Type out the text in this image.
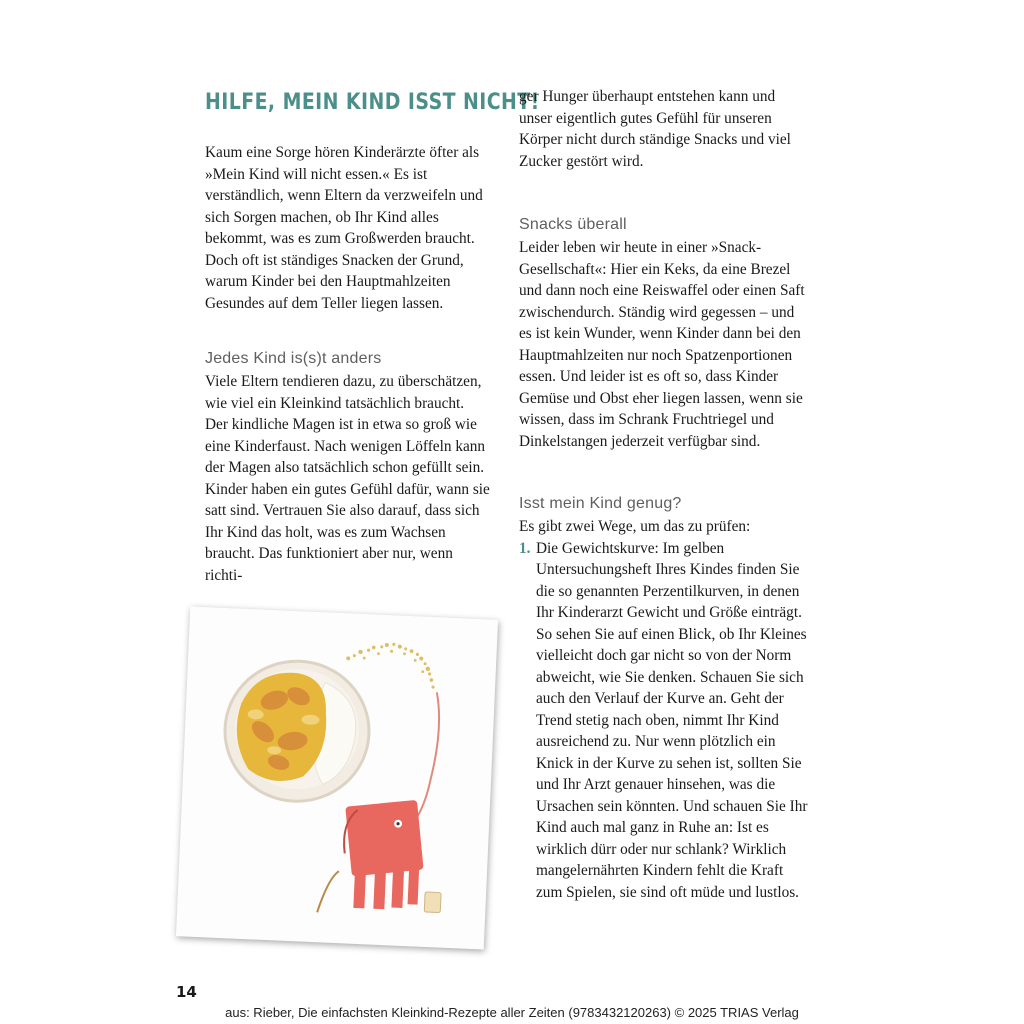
HILFE, MEIN KIND ISST NICHT!

Kaum eine Sorge hören Kinderärzte öfter als »Mein Kind will nicht essen.« Es ist verständlich, wenn Eltern da verzweifeln und sich Sorgen machen, ob Ihr Kind alles bekommt, was es zum Großwerden braucht. Doch oft ist ständiges Snacken der Grund, warum Kinder bei den Hauptmahlzeiten Gesundes auf dem Teller liegen lassen.

Jedes Kind is(s)t anders

Viele Eltern tendieren dazu, zu überschätzen, wie viel ein Kleinkind tatsächlich braucht. Der kindliche Magen ist in etwa so groß wie eine Kinderfaust. Nach wenigen Löffeln kann der Magen also tatsächlich schon gefüllt sein. Kinder haben ein gutes Gefühl dafür, wann sie satt sind. Vertrauen Sie also darauf, dass sich Ihr Kind das holt, was es zum Wachsen braucht. Das funktioniert aber nur, wenn richti-

ger Hunger überhaupt entstehen kann und unser eigentlich gutes Gefühl für unseren Körper nicht durch ständige Snacks und viel Zucker gestört wird.

Snacks überall

Leider leben wir heute in einer »Snack-Gesellschaft«: Hier ein Keks, da eine Brezel und dann noch eine Reiswaffel oder einen Saft zwischendurch. Ständig wird gegessen – und es ist kein Wunder, wenn Kinder dann bei den Hauptmahlzeiten nur noch Spatzenportionen essen. Und leider ist es oft so, dass Kinder Gemüse und Obst eher liegen lassen, wenn sie wissen, dass im Schrank Fruchtriegel und Dinkelstangen jederzeit verfügbar sind.

Isst mein Kind genug?

Es gibt zwei Wege, um das zu prüfen:

1. Die Gewichtskurve: Im gelben Untersuchungsheft Ihres Kindes finden Sie die so genannten Perzentilkurven, in denen Ihr Kinderarzt Gewicht und Größe einträgt. So sehen Sie auf einen Blick, ob Ihr Kleines vielleicht doch gar nicht so von der Norm abweicht, wie Sie denken. Schauen Sie sich auch den Verlauf der Kurve an. Geht der Trend stetig nach oben, nimmt Ihr Kind ausreichend zu. Nur wenn plötzlich ein Knick in der Kurve zu sehen ist, sollten Sie und Ihr Arzt genauer hinsehen, was die Ursachen sein könnten. Und schauen Sie Ihr Kind auch mal ganz in Ruhe an: Ist es wirklich dürr oder nur schlank? Wirklich mangelernährten Kindern fehlt die Kraft zum Spielen, sie sind oft müde und lustlos.
14
aus: Rieber, Die einfachsten Kleinkind-Rezepte aller Zeiten (9783432120263) © 2025 TRIAS Verlag
